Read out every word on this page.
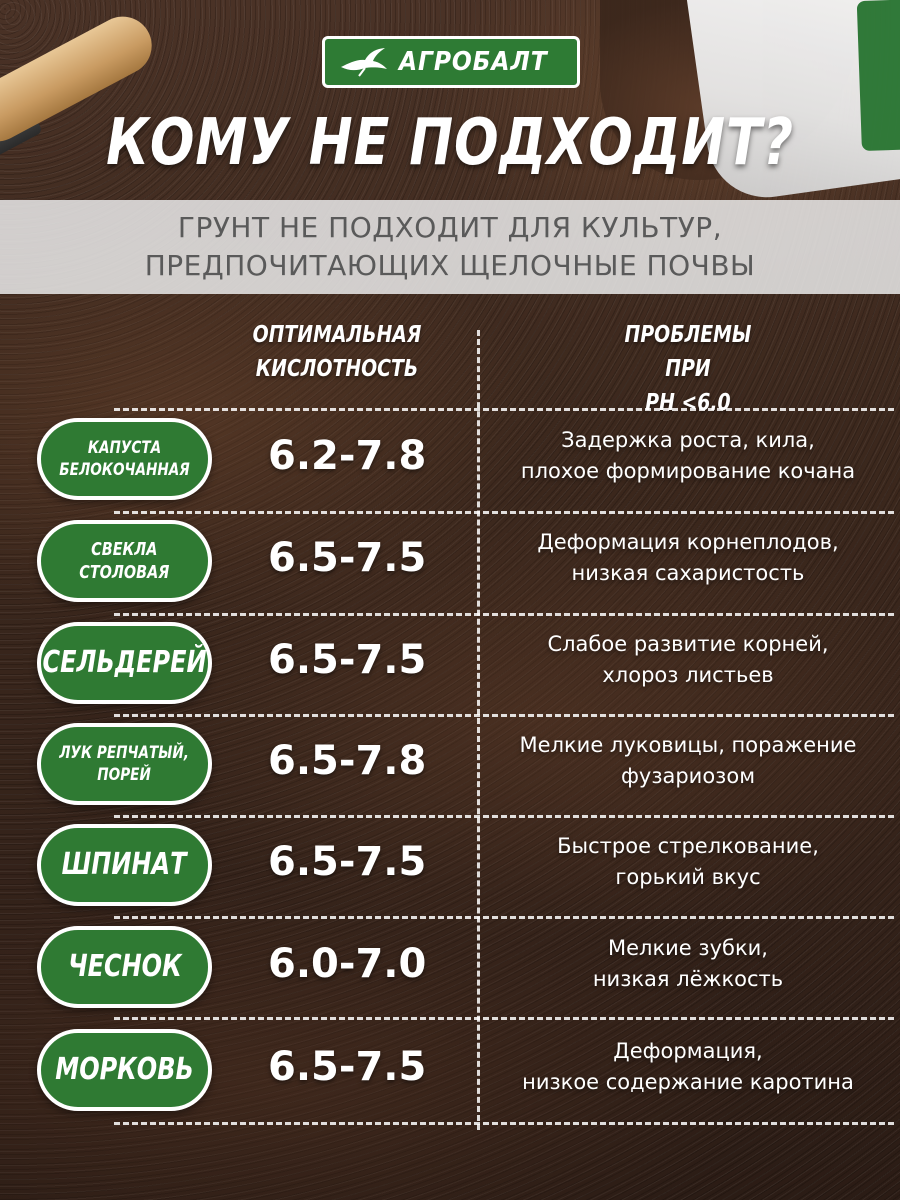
АГРОБАЛТ
КОМУ НЕ ПОДХОДИТ?
ГРУНТ НЕ ПОДХОДИТ ДЛЯ КУЛЬТУР,
ПРЕДПОЧИТАЮЩИХ ЩЕЛОЧНЫЕ ПОЧВЫ
ОПТИМАЛЬНАЯ
КИСЛОТНОСТЬ
ПРОБЛЕМЫ ПРИ
PH <6.0
КАПУСТА
БЕЛОКОЧАННАЯ 6.2-7.8	Задержка роста, кила,
плохое формирование кочана
СВЕКЛА
СТОЛОВАЯ 6.5-7.5	Деформация корнеплодов,
низкая сахаристость
СЕЛЬДЕРЕЙ 6.5-7.5	Слабое развитие корней,
хлороз листьев
ЛУК РЕПЧАТЫЙ,
ПОРЕЙ	6.5-7.8	Мелкие луковицы, поражение
фузариозом
ШПИНАТ 6.5-7.5	Быстрое стрелкование,
горький вкус
ЧЕСНОК 6.0-7.0	Мелкие зубки,
низкая лёжкость
МОРКОВЬ 6.5-7.5	Деформация,
низкое содержание каротина
